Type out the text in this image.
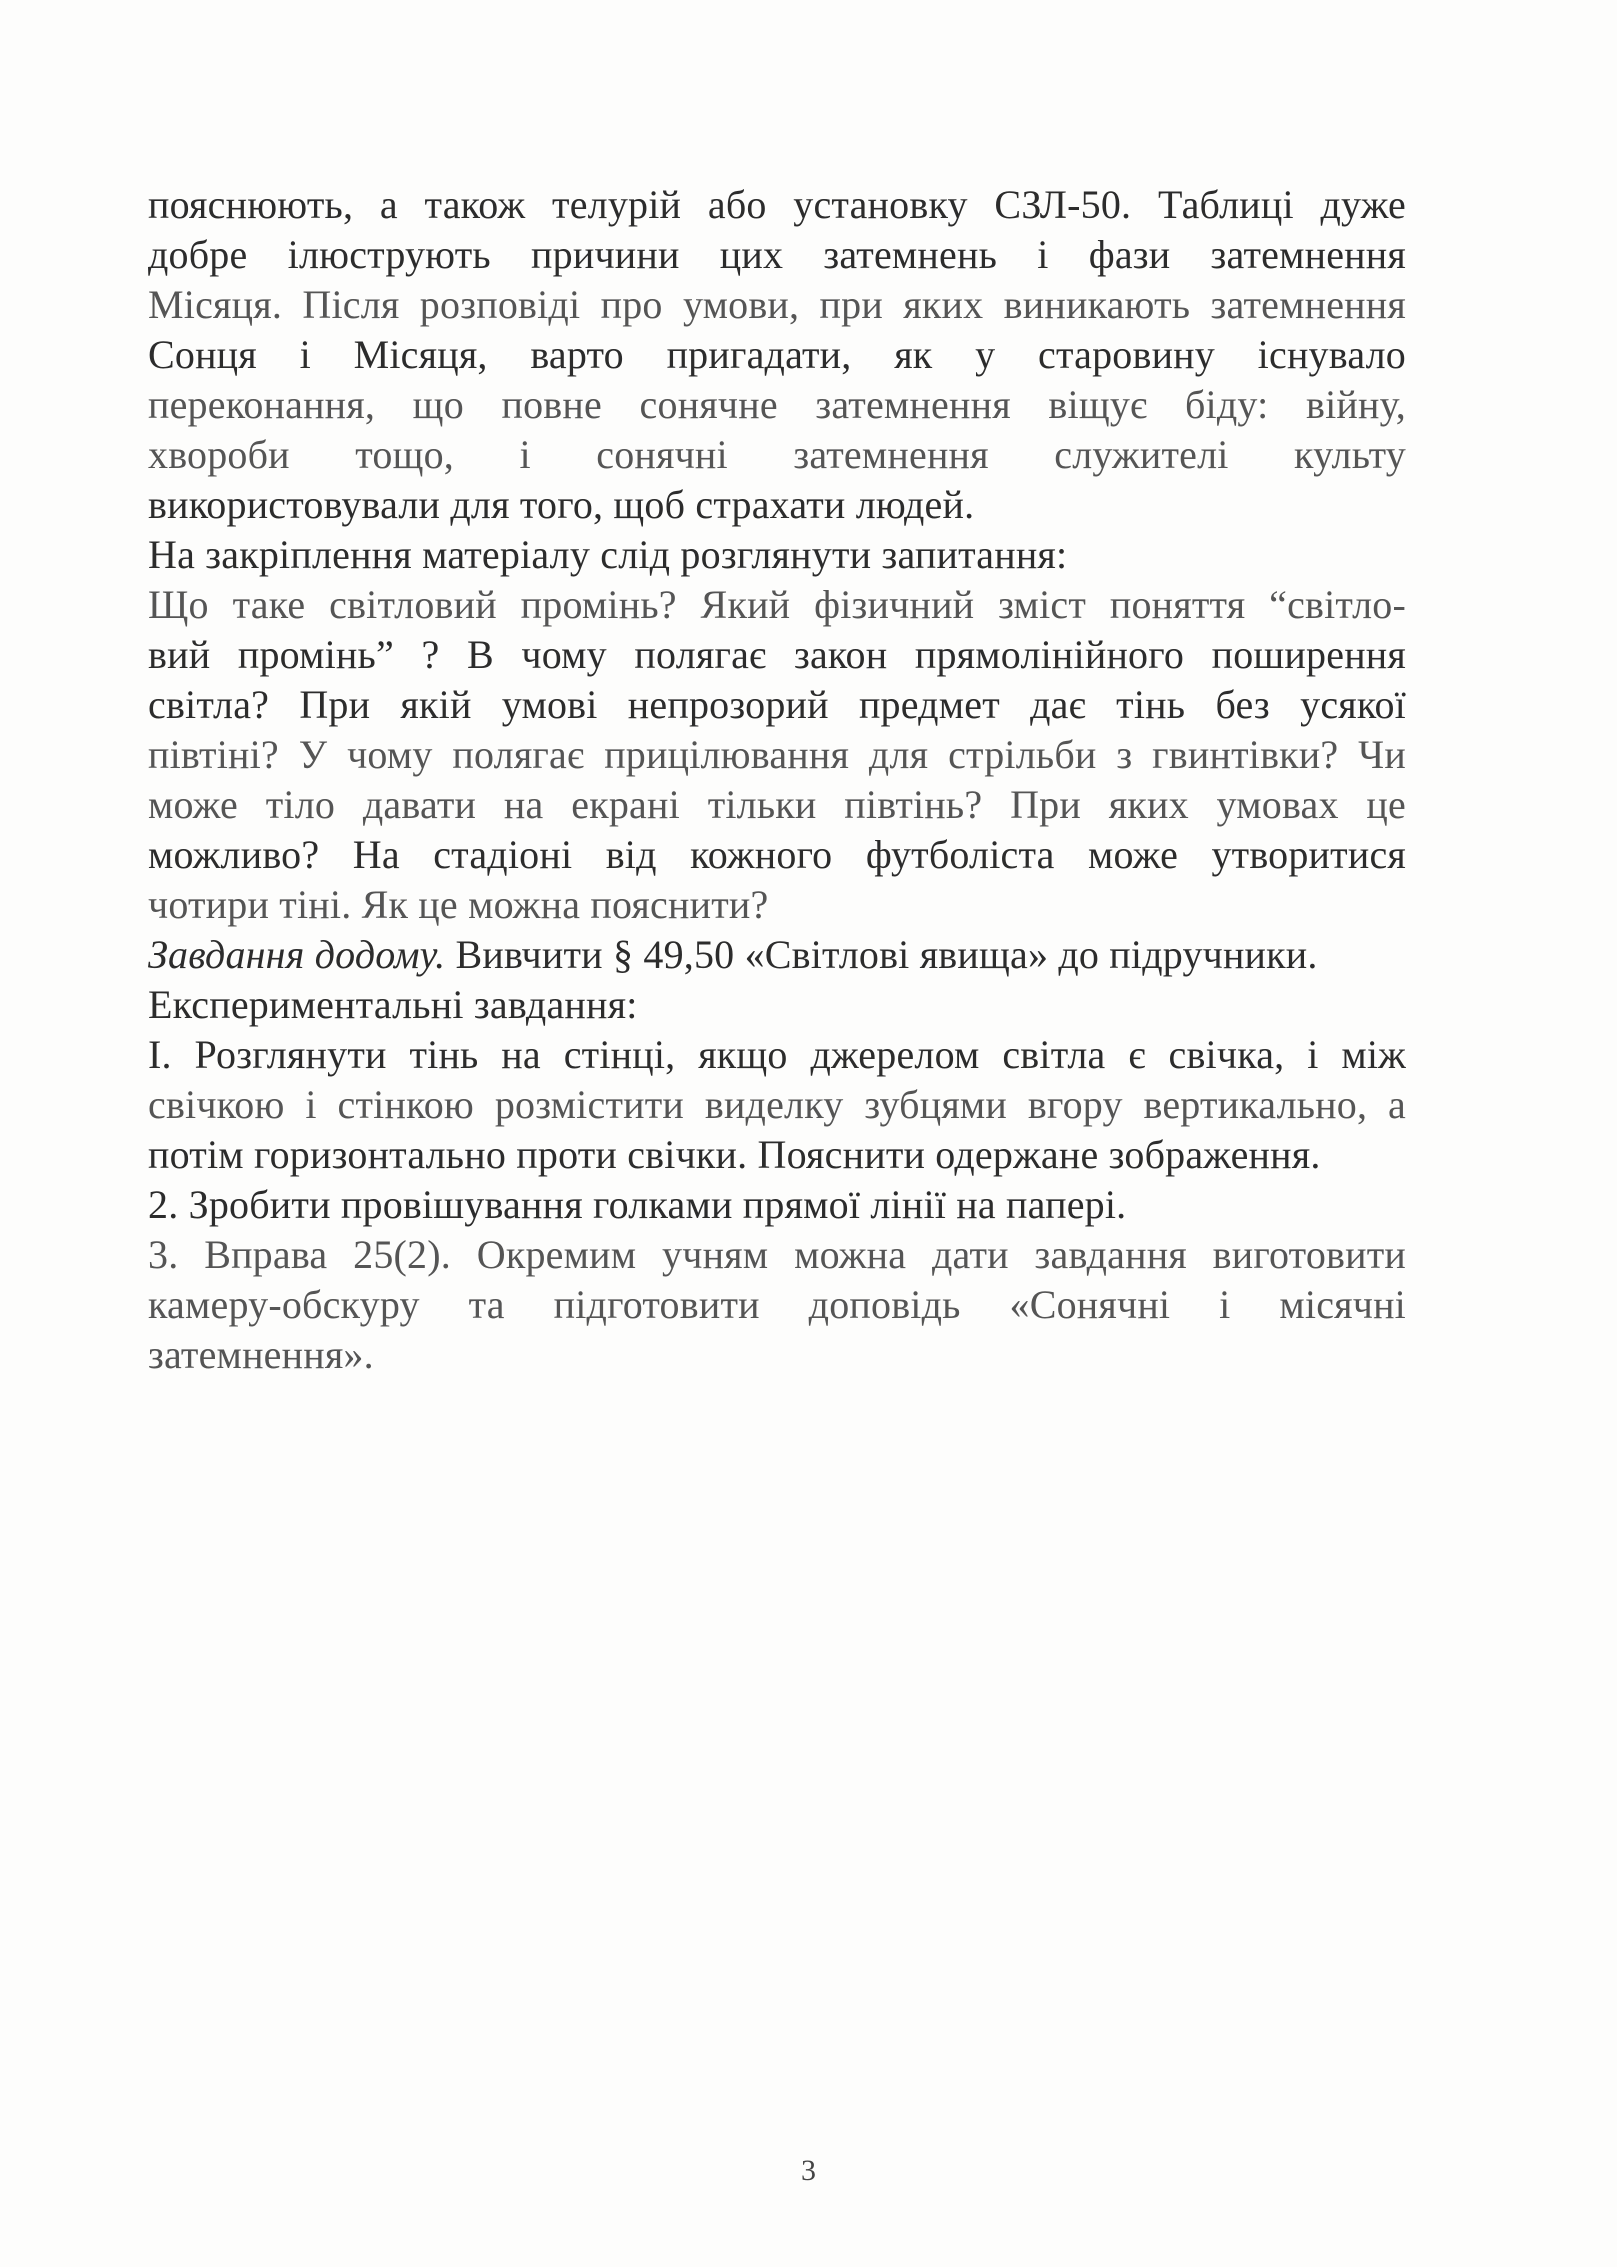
пояснюють, а також телурій або установку СЗЛ-50. Таблиці дуже
добре ілюструють причини цих затемнень і фази затемнення
Місяця. Після розповіді про умови, при яких виникають затемнення
Сонця і Місяця, варто пригадати, як у старовину існувало
переконання, що повне сонячне затемнення віщує біду: війну,
хвороби тощо, і сонячні затемнення служителі культу
використовували для того, щоб страхати людей.
На закріплення матеріалу слід розглянути запитання:
Що таке світловий промінь? Який фізичний зміст поняття “світло-
вий промінь” ? В чому полягає закон прямолінійного поширення
світла? При якій умові непрозорий предмет дає тінь без усякої
півтіні? У чому полягає прицілювання для стрільби з гвинтівки? Чи
може тіло давати на екрані тільки півтінь? При яких умовах це
можливо? На стадіоні від кожного футболіста може утворитися
чотири тіні. Як це можна пояснити?
Завдання додому. Вивчити § 49,50 «Світлові явища» до підручники.
Експериментальні завдання:
І. Розглянути тінь на стінці, якщо джерелом світла є свічка, і між
свічкою і стінкою розмістити виделку зубцями вгору вертикально, а
потім горизонтально проти свічки. Пояснити одержане зображення.
2. Зробити провішування голками прямої лінії на папері.
3. Вправа 25(2). Окремим учням можна дати завдання виготовити
камеру-обскуру та підготовити доповідь «Сонячні і місячні
затемнення».
3
